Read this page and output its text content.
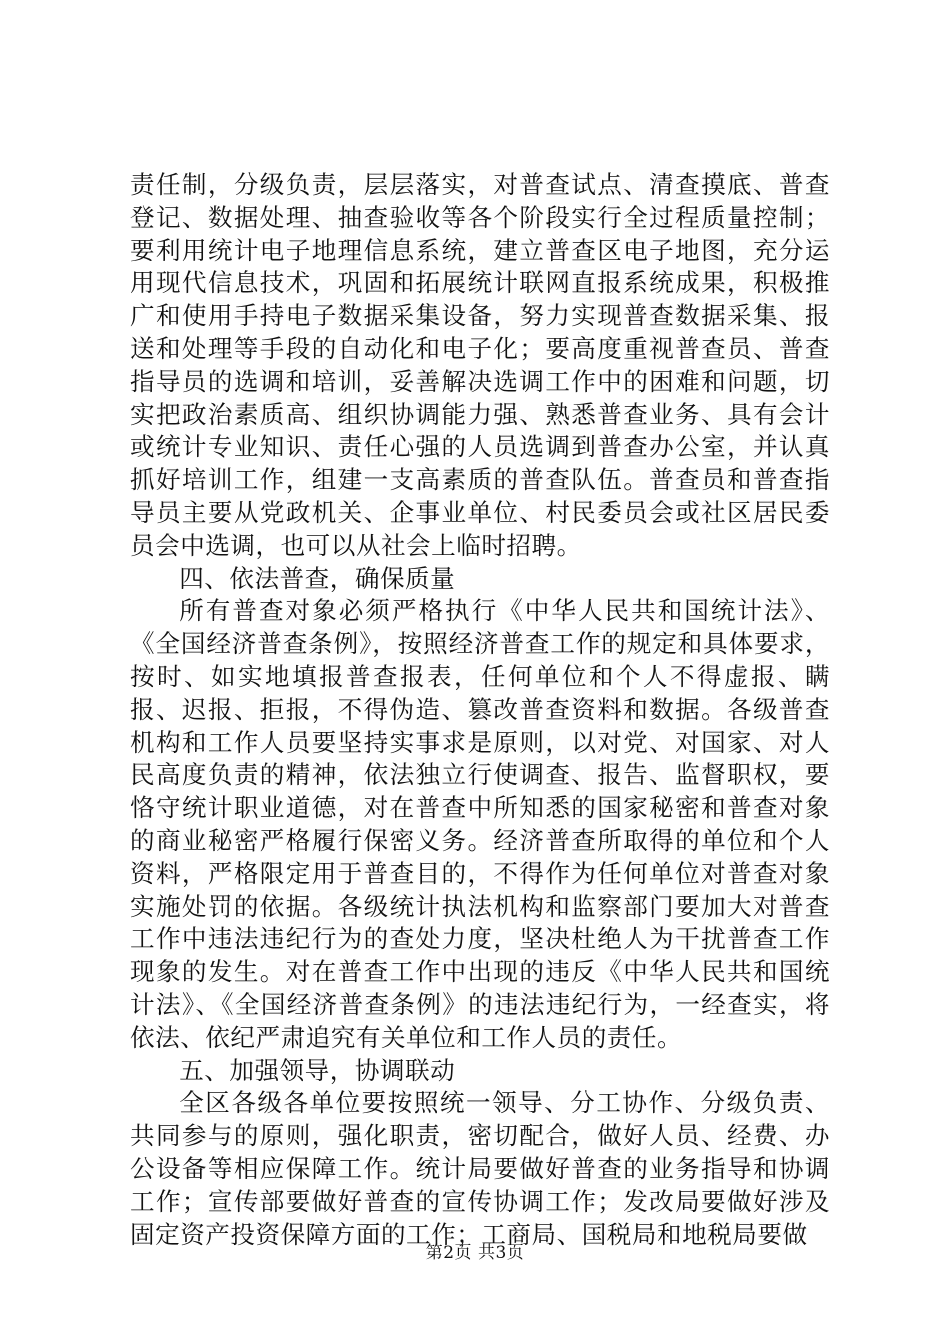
责任制，分级负责，层层落实，对普查试点、清查摸底、普查登记、数据处理、抽查验收等各个阶段实行全过程质量控制；要利用统计电子地理信息系统，建立普查区电子地图，充分运用现代信息技术，巩固和拓展统计联网直报系统成果，积极推广和使用手持电子数据采集设备，努力实现普查数据采集、报送和处理等手段的自动化和电子化；要高度重视普查员、普查指导员的选调和培训，妥善解决选调工作中的困难和问题，切实把政治素质高、组织协调能力强、熟悉普查业务、具有会计或统计专业知识、责任心强的人员选调到普查办公室，并认真抓好培训工作，组建一支高素质的普查队伍。普查员和普查指导员主要从党政机关、企事业单位、村民委员会或社区居民委员会中选调，也可以从社会上临时招聘。

四、依法普查，确保质量

所有普查对象必须严格执行《中华人民共和国统计法》、《全国经济普查条例》，按照经济普查工作的规定和具体要求，按时、如实地填报普查报表，任何单位和个人不得虚报、瞒报、迟报、拒报，不得伪造、篡改普查资料和数据。各级普查机构和工作人员要坚持实事求是原则，以对党、对国家、对人民高度负责的精神，依法独立行使调查、报告、监督职权，要恪守统计职业道德，对在普查中所知悉的国家秘密和普查对象的商业秘密严格履行保密义务。经济普查所取得的单位和个人资料，严格限定用于普查目的，不得作为任何单位对普查对象实施处罚的依据。各级统计执法机构和监察部门要加大对普查工作中违法违纪行为的查处力度，坚决杜绝人为干扰普查工作现象的发生。对在普查工作中出现的违反《中华人民共和国统计法》、《全国经济普查条例》的违法违纪行为，一经查实，将依法、依纪严肃追究有关单位和工作人员的责任。

五、加强领导，协调联动

全区各级各单位要按照统一领导、分工协作、分级负责、共同参与的原则，强化职责，密切配合，做好人员、经费、办公设备等相应保障工作。统计局要做好普查的业务指导和协调工作；宣传部要做好普查的宣传协调工作；发改局要做好涉及固定资产投资保障方面的工作；工商局、国税局和地税局要做

第2页 共3页
